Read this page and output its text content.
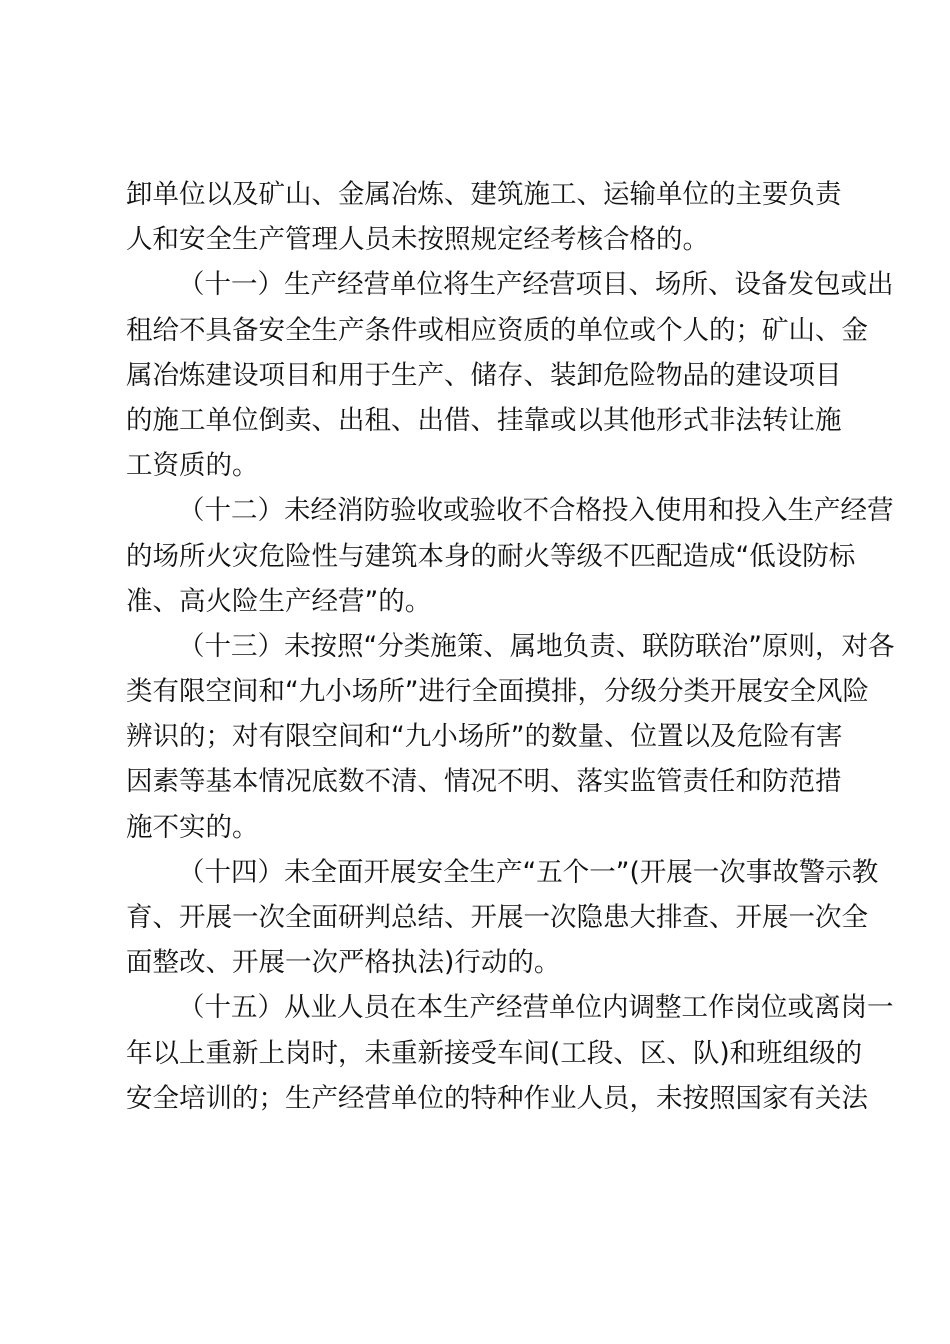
卸单位以及矿山、金属冶炼、建筑施工、运输单位的主要负责
人和安全生产管理人员未按照规定经考核合格的。
（十一）生产经营单位将生产经营项目、场所、设备发包或出
租给不具备安全生产条件或相应资质的单位或个人的；矿山、金
属冶炼建设项目和用于生产、储存、装卸危险物品的建设项目
的施工单位倒卖、出租、出借、挂靠或以其他形式非法转让施
工资质的。
（十二）未经消防验收或验收不合格投入使用和投入生产经营
的场所火灾危险性与建筑本身的耐火等级不匹配造成“低设防标
准、高火险生产经营”的。
（十三）未按照“分类施策、属地负责、联防联治”原则，对各
类有限空间和“九小场所”进行全面摸排，分级分类开展安全风险
辨识的；对有限空间和“九小场所”的数量、位置以及危险有害
因素等基本情况底数不清、情况不明、落实监管责任和防范措
施不实的。
（十四）未全面开展安全生产“五个一”(开展一次事故警示教
育、开展一次全面研判总结、开展一次隐患大排查、开展一次全
面整改、开展一次严格执法)行动的。
（十五）从业人员在本生产经营单位内调整工作岗位或离岗一
年以上重新上岗时，未重新接受车间(工段、区、队)和班组级的
安全培训的；生产经营单位的特种作业人员，未按照国家有关法
